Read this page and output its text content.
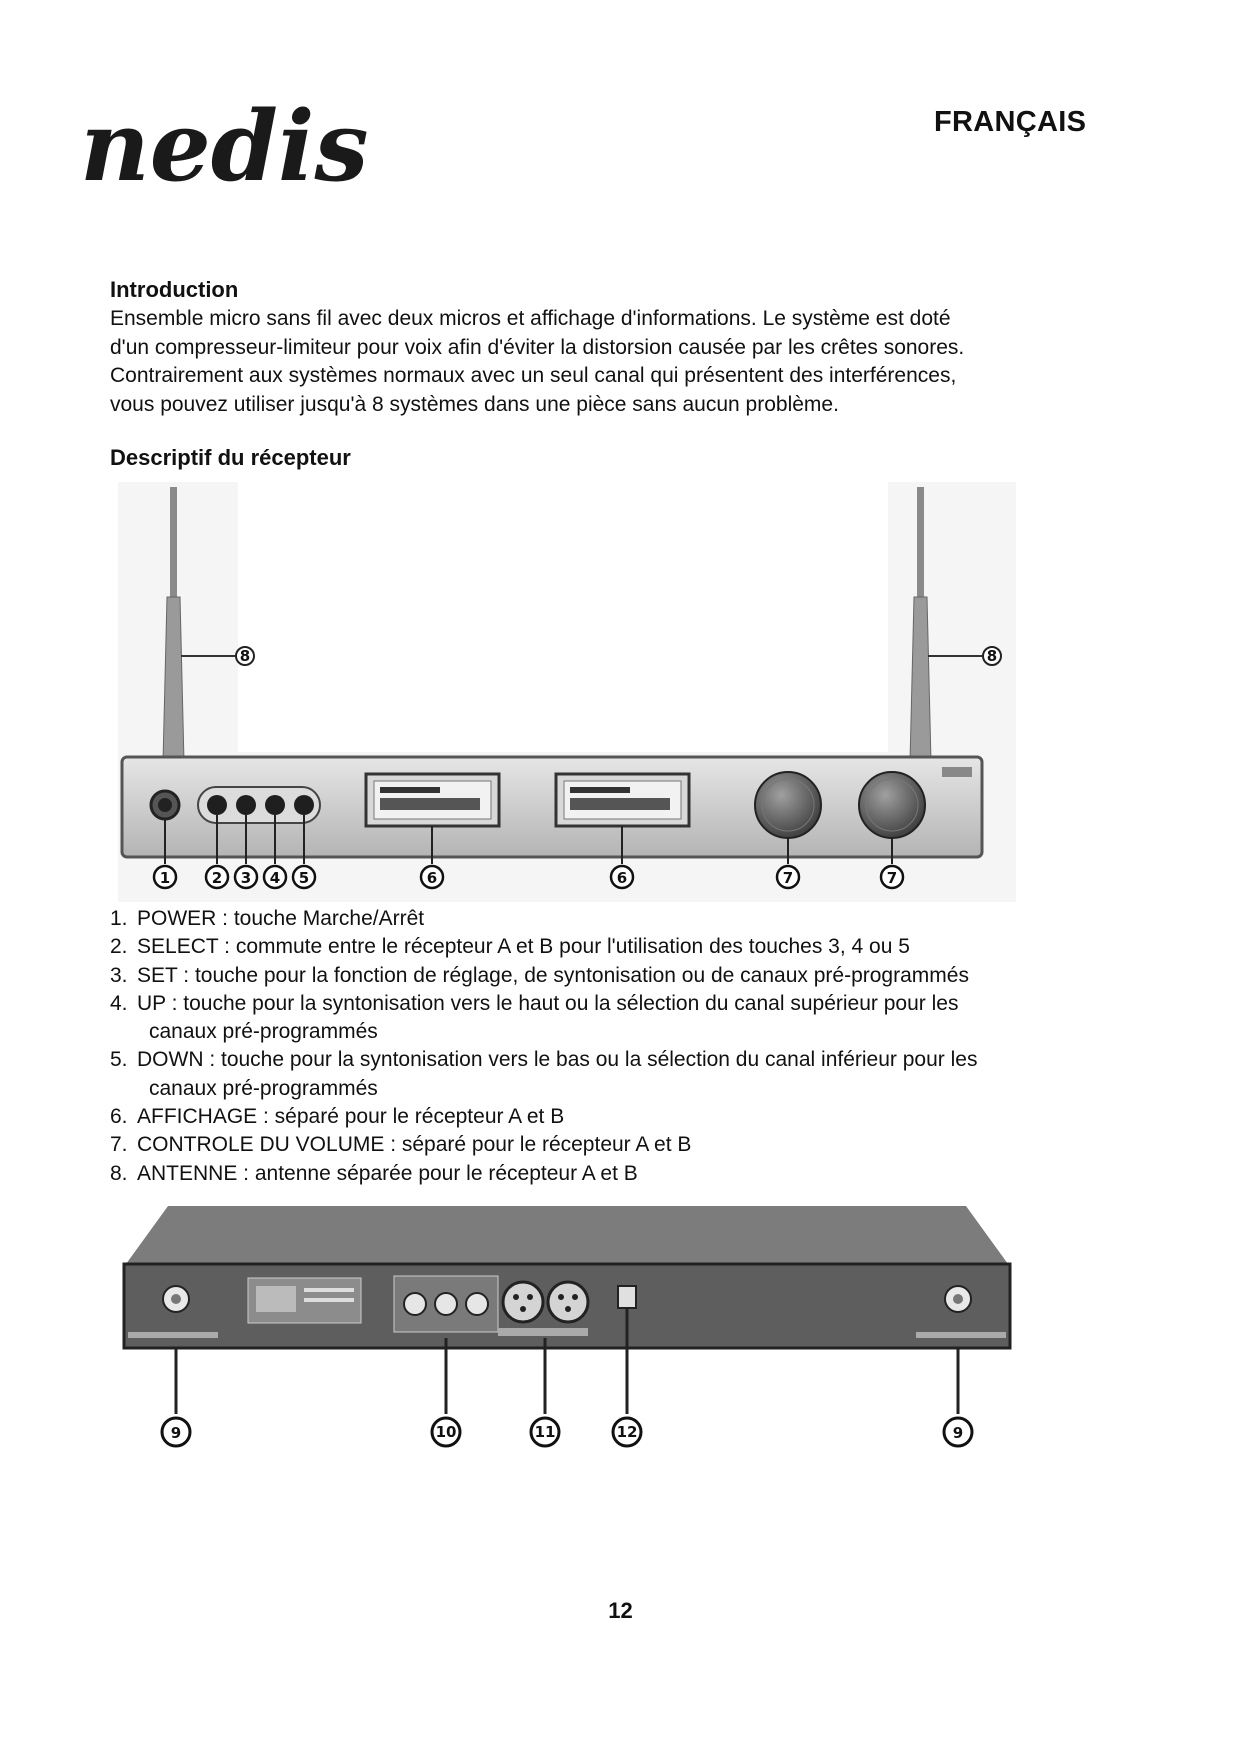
nedis	FRANÇAIS
Introduction
Ensemble micro sans fil avec deux micros et affichage d'informations. Le système est doté
d'un compresseur-limiteur pour voix afin d'éviter la distorsion causée par les crêtes sonores.
Contrairement aux systèmes normaux avec un seul canal qui présentent des interférences,
vous pouvez utiliser jusqu'à 8 systèmes dans une pièce sans aucun problème.
Descriptif du récepteur
8	8
1	2 3 4 5	6	6	7	7
1. POWER : touche Marche/Arrêt
2. SELECT : commute entre le récepteur A et B pour l'utilisation des touches 3, 4 ou 5
3. SET : touche pour la fonction de réglage, de syntonisation ou de canaux pré-programmés
4. UP : touche pour la syntonisation vers le haut ou la sélection du canal supérieur pour les
canaux pré-programmés
5. DOWN : touche pour la syntonisation vers le bas ou la sélection du canal inférieur pour les
canaux pré-programmés
6. AFFICHAGE : séparé pour le récepteur A et B
7. CONTROLE DU VOLUME : séparé pour le récepteur A et B
8. ANTENNE : antenne séparée pour le récepteur A et B
9	10	11	12	9
12
